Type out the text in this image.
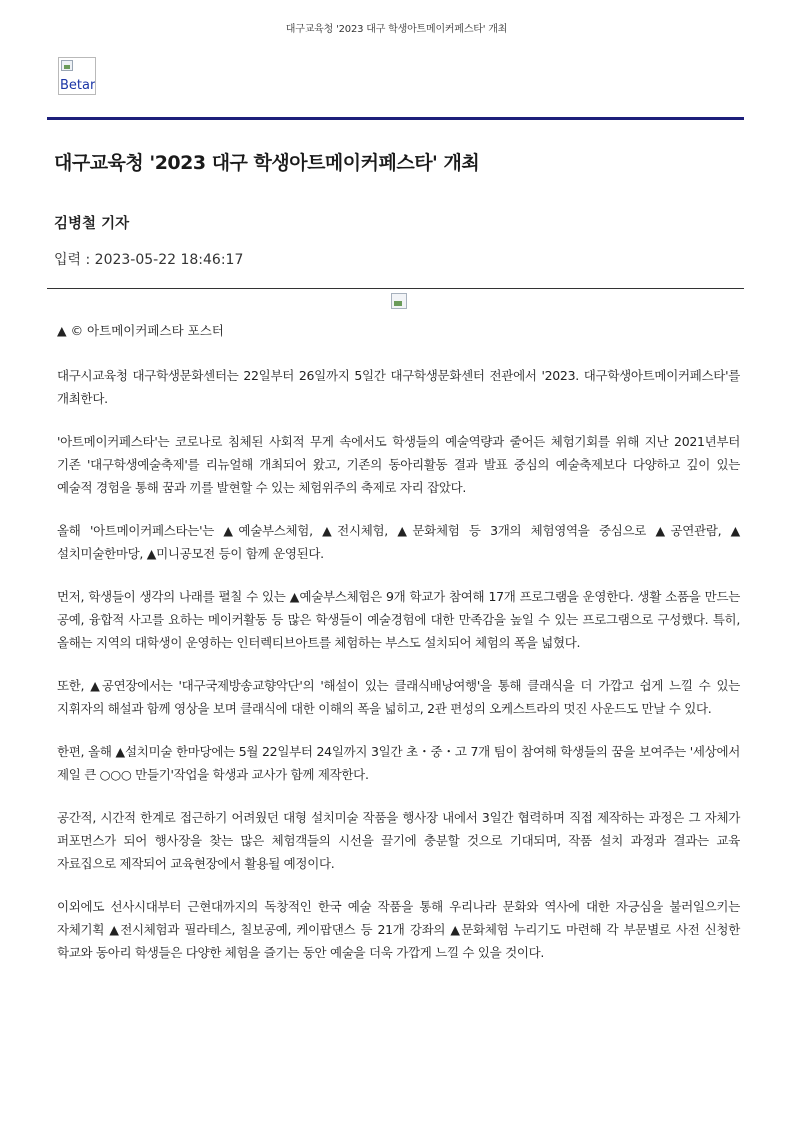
대구교육청 '2023 대구 학생아트메이커페스타' 개최
Betar
대구교육청 '2023 대구 학생아트메이커페스타' 개최
김병철 기자
입력 : 2023-05-22 18:46:17
▲ © 아트메이커페스타 포스터

대구시교육청 대구학생문화센터는 22일부터 26일까지 5일간 대구학생문화센터 전관에서 '2023. 대구학생아트메이커페스타'를 개최한다.

'아트메이커페스타'는 코로나로 침체된 사회적 무게 속에서도 학생들의 예술역량과 줄어든 체험기회를 위해 지난 2021년부터 기존 '대구학생예술축제'를 리뉴얼해 개최되어 왔고, 기존의 동아리활동 결과 발표 중심의 예술축제보다 다양하고 깊이 있는 예술적 경험을 통해 꿈과 끼를 발현할 수 있는 체험위주의 축제로 자리 잡았다.

올해 '아트메이커페스타는'는 ▲예술부스체험, ▲전시체험, ▲문화체험 등 3개의 체험영역을 중심으로 ▲공연관람, ▲설치미술한마당, ▲미니공모전 등이 함께 운영된다.

먼저, 학생들이 생각의 나래를 펼칠 수 있는 ▲예술부스체험은 9개 학교가 참여해 17개 프로그램을 운영한다. 생활 소품을 만드는 공예, 융합적 사고를 요하는 메이커활동 등 많은 학생들이 예술경험에 대한 만족감을 높일 수 있는 프로그램으로 구성했다. 특히, 올해는 지역의 대학생이 운영하는 인터렉티브아트를 체험하는 부스도 설치되어 체험의 폭을 넓혔다.

또한, ▲공연장에서는 '대구국제방송교향악단'의 '해설이 있는 클래식배낭여행'을 통해 클래식을 더 가깝고 쉽게 느낄 수 있는 지휘자의 해설과 함께 영상을 보며 클래식에 대한 이해의 폭을 넓히고, 2관 편성의 오케스트라의 멋진 사운드도 만날 수 있다.

한편, 올해 ▲설치미술 한마당에는 5월 22일부터 24일까지 3일간 초・중・고 7개 팀이 참여해 학생들의 꿈을 보여주는 '세상에서 제일 큰 ○○○ 만들기'작업을 학생과 교사가 함께 제작한다.

공간적, 시간적 한계로 접근하기 어려웠던 대형 설치미술 작품을 행사장 내에서 3일간 협력하며 직접 제작하는 과정은 그 자체가 퍼포먼스가 되어 행사장을 찾는 많은 체험객들의 시선을 끌기에 충분할 것으로 기대되며, 작품 설치 과정과 결과는 교육 자료집으로 제작되어 교육현장에서 활용될 예정이다.

이외에도 선사시대부터 근현대까지의 독창적인 한국 예술 작품을 통해 우리나라 문화와 역사에 대한 자긍심을 불러일으키는 자체기획 ▲전시체험과 필라테스, 칠보공예, 케이팝댄스 등 21개 강좌의 ▲문화체험 누리기도 마련해 각 부문별로 사전 신청한 학교와 동아리 학생들은 다양한 체험을 즐기는 동안 예술을 더욱 가깝게 느낄 수 있을 것이다.
